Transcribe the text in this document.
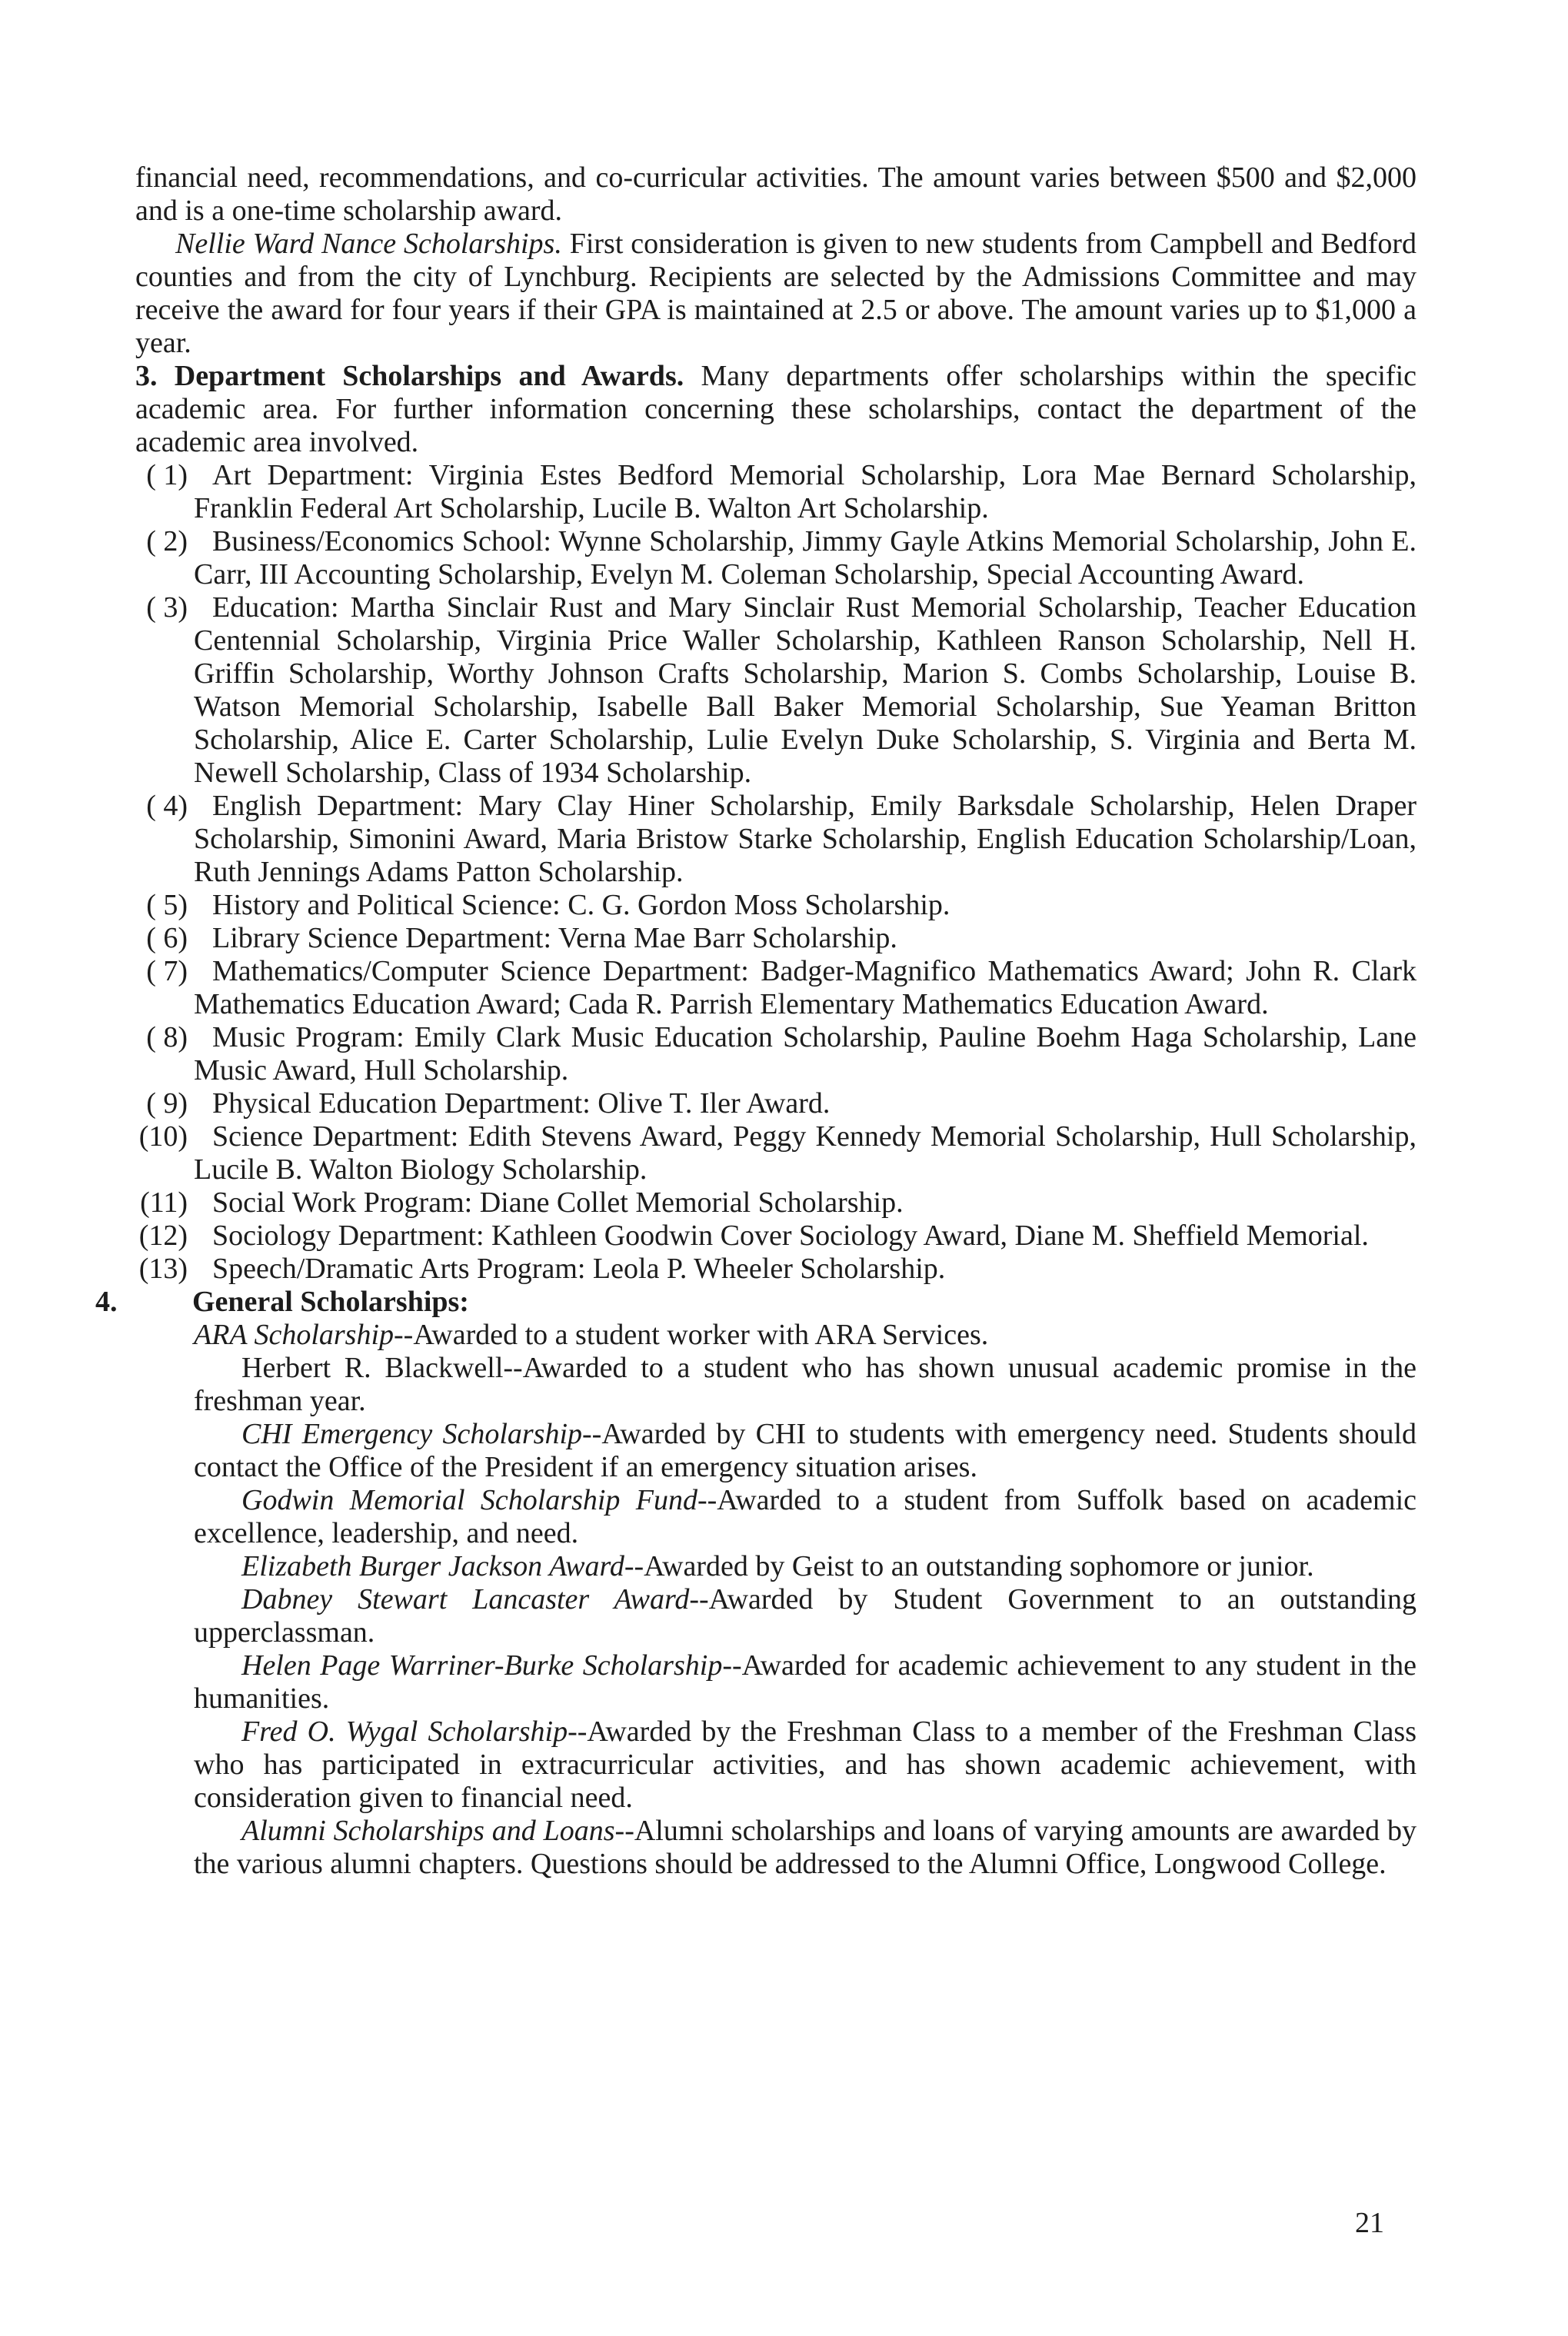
financial need, recommendations, and co-curricular activities. The amount varies between $500 and $2,000 and is a one-time scholarship award.

Nellie Ward Nance Scholarships. First consideration is given to new students from Campbell and Bedford counties and from the city of Lynchburg. Recipients are selected by the Admissions Committee and may receive the award for four years if their GPA is maintained at 2.5 or above. The amount varies up to $1,000 a year.

3. Department Scholarships and Awards. Many departments offer scholarships within the specific academic area. For further information concerning these scholarships, contact the department of the academic area involved.

( 1) Art Department: Virginia Estes Bedford Memorial Scholarship, Lora Mae Bernard Scholarship, Franklin Federal Art Scholarship, Lucile B. Walton Art Scholarship.

( 2) Business/Economics School: Wynne Scholarship, Jimmy Gayle Atkins Memorial Scholarship, John E. Carr, III Accounting Scholarship, Evelyn M. Coleman Scholarship, Special Accounting Award.

( 3) Education: Martha Sinclair Rust and Mary Sinclair Rust Memorial Scholarship, Teacher Education Centennial Scholarship, Virginia Price Waller Scholarship, Kathleen Ranson Scholarship, Nell H. Griffin Scholarship, Worthy Johnson Crafts Scholarship, Marion S. Combs Scholarship, Louise B. Watson Memorial Scholarship, Isabelle Ball Baker Memorial Scholarship, Sue Yeaman Britton Scholarship, Alice E. Carter Scholarship, Lulie Evelyn Duke Scholarship, S. Virginia and Berta M. Newell Scholarship, Class of 1934 Scholarship.

( 4) English Department: Mary Clay Hiner Scholarship, Emily Barksdale Scholarship, Helen Draper Scholarship, Simonini Award, Maria Bristow Starke Scholarship, English Education Scholarship/Loan, Ruth Jennings Adams Patton Scholarship.

( 5) History and Political Science: C. G. Gordon Moss Scholarship.

( 6) Library Science Department: Verna Mae Barr Scholarship.

( 7) Mathematics/Computer Science Department: Badger-Magnifico Mathematics Award; John R. Clark Mathematics Education Award; Cada R. Parrish Elementary Mathematics Education Award.

( 8) Music Program: Emily Clark Music Education Scholarship, Pauline Boehm Haga Scholarship, Lane Music Award, Hull Scholarship.

( 9) Physical Education Department: Olive T. Iler Award.

(10) Science Department: Edith Stevens Award, Peggy Kennedy Memorial Scholarship, Hull Scholarship, Lucile B. Walton Biology Scholarship.

(11) Social Work Program: Diane Collet Memorial Scholarship.

(12) Sociology Department: Kathleen Goodwin Cover Sociology Award, Diane M. Sheffield Memorial.

(13) Speech/Dramatic Arts Program: Leola P. Wheeler Scholarship.

4.	General Scholarships:

ARA Scholarship--Awarded to a student worker with ARA Services.

Herbert R. Blackwell--Awarded to a student who has shown unusual academic promise in the freshman year.

CHI Emergency Scholarship--Awarded by CHI to students with emergency need. Students should contact the Office of the President if an emergency situation arises.

Godwin Memorial Scholarship Fund--Awarded to a student from Suffolk based on academic excellence, leadership, and need.

Elizabeth Burger Jackson Award--Awarded by Geist to an outstanding sophomore or junior.

Dabney Stewart Lancaster Award--Awarded by Student Government to an outstanding upperclassman.

Helen Page Warriner-Burke Scholarship--Awarded for academic achievement to any student in the humanities.

Fred O. Wygal Scholarship--Awarded by the Freshman Class to a member of the Freshman Class who has participated in extracurricular activities, and has shown academic achievement, with consideration given to financial need.

Alumni Scholarships and Loans--Alumni scholarships and loans of varying amounts are awarded by the various alumni chapters. Questions should be addressed to the Alumni Office, Longwood College.

21
